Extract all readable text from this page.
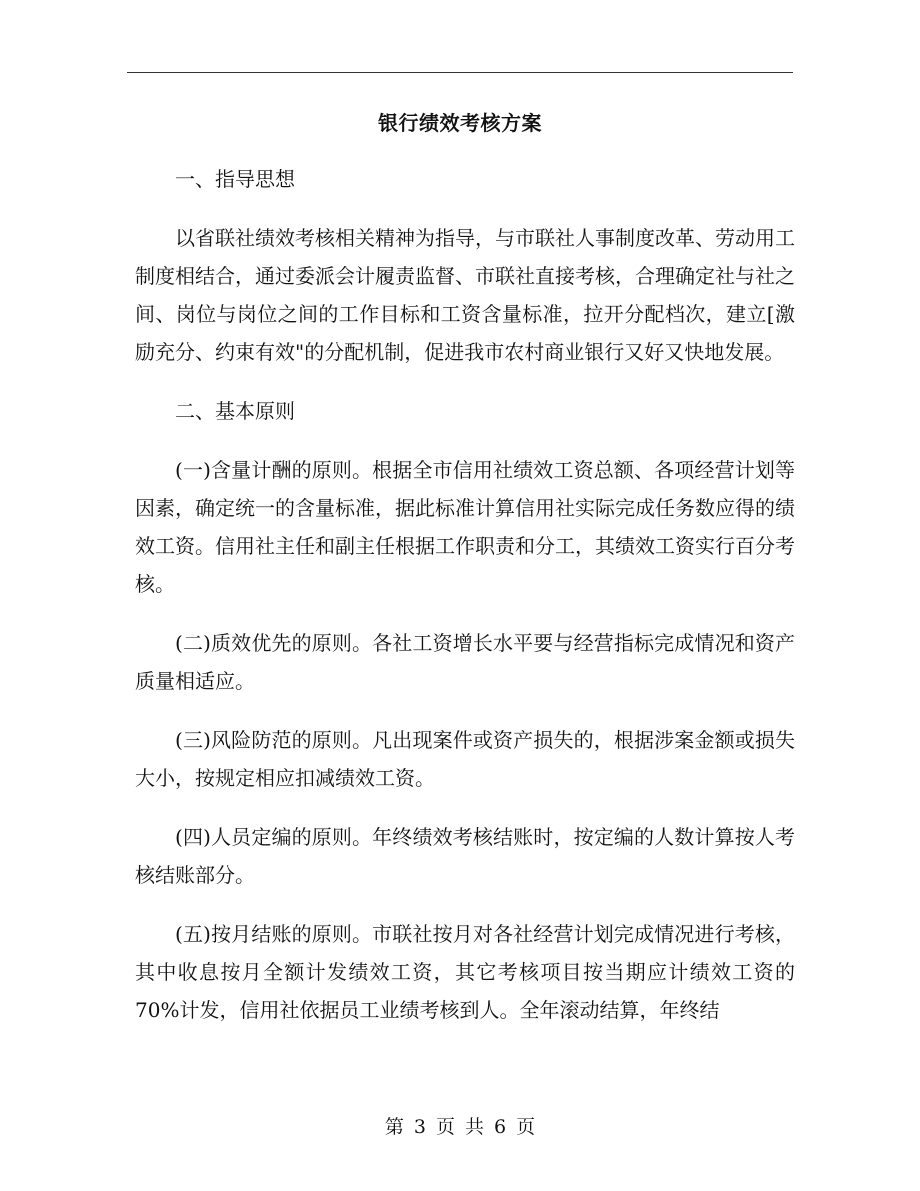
银行绩效考核方案

一、指导思想

以省联社绩效考核相关精神为指导，与市联社人事制度改革、劳动用工制度相结合，通过委派会计履责监督、市联社直接考核，合理确定社与社之间、岗位与岗位之间的工作目标和工资含量标准，拉开分配档次，建立[激励充分、约束有效"的分配机制，促进我市农村商业银行又好又快地发展。

二、基本原则

(一)含量计酬的原则。根据全市信用社绩效工资总额、各项经营计划等因素，确定统一的含量标准，据此标准计算信用社实际完成任务数应得的绩效工资。信用社主任和副主任根据工作职责和分工，其绩效工资实行百分考核。

(二)质效优先的原则。各社工资增长水平要与经营指标完成情况和资产质量相适应。

(三)风险防范的原则。凡出现案件或资产损失的，根据涉案金额或损失大小，按规定相应扣减绩效工资。

(四)人员定编的原则。年终绩效考核结账时，按定编的人数计算按人考核结账部分。

(五)按月结账的原则。市联社按月对各社经营计划完成情况进行考核，其中收息按月全额计发绩效工资，其它考核项目按当期应计绩效工资的70%计发，信用社依据员工业绩考核到人。全年滚动结算，年终结

第 3 页 共 6 页
